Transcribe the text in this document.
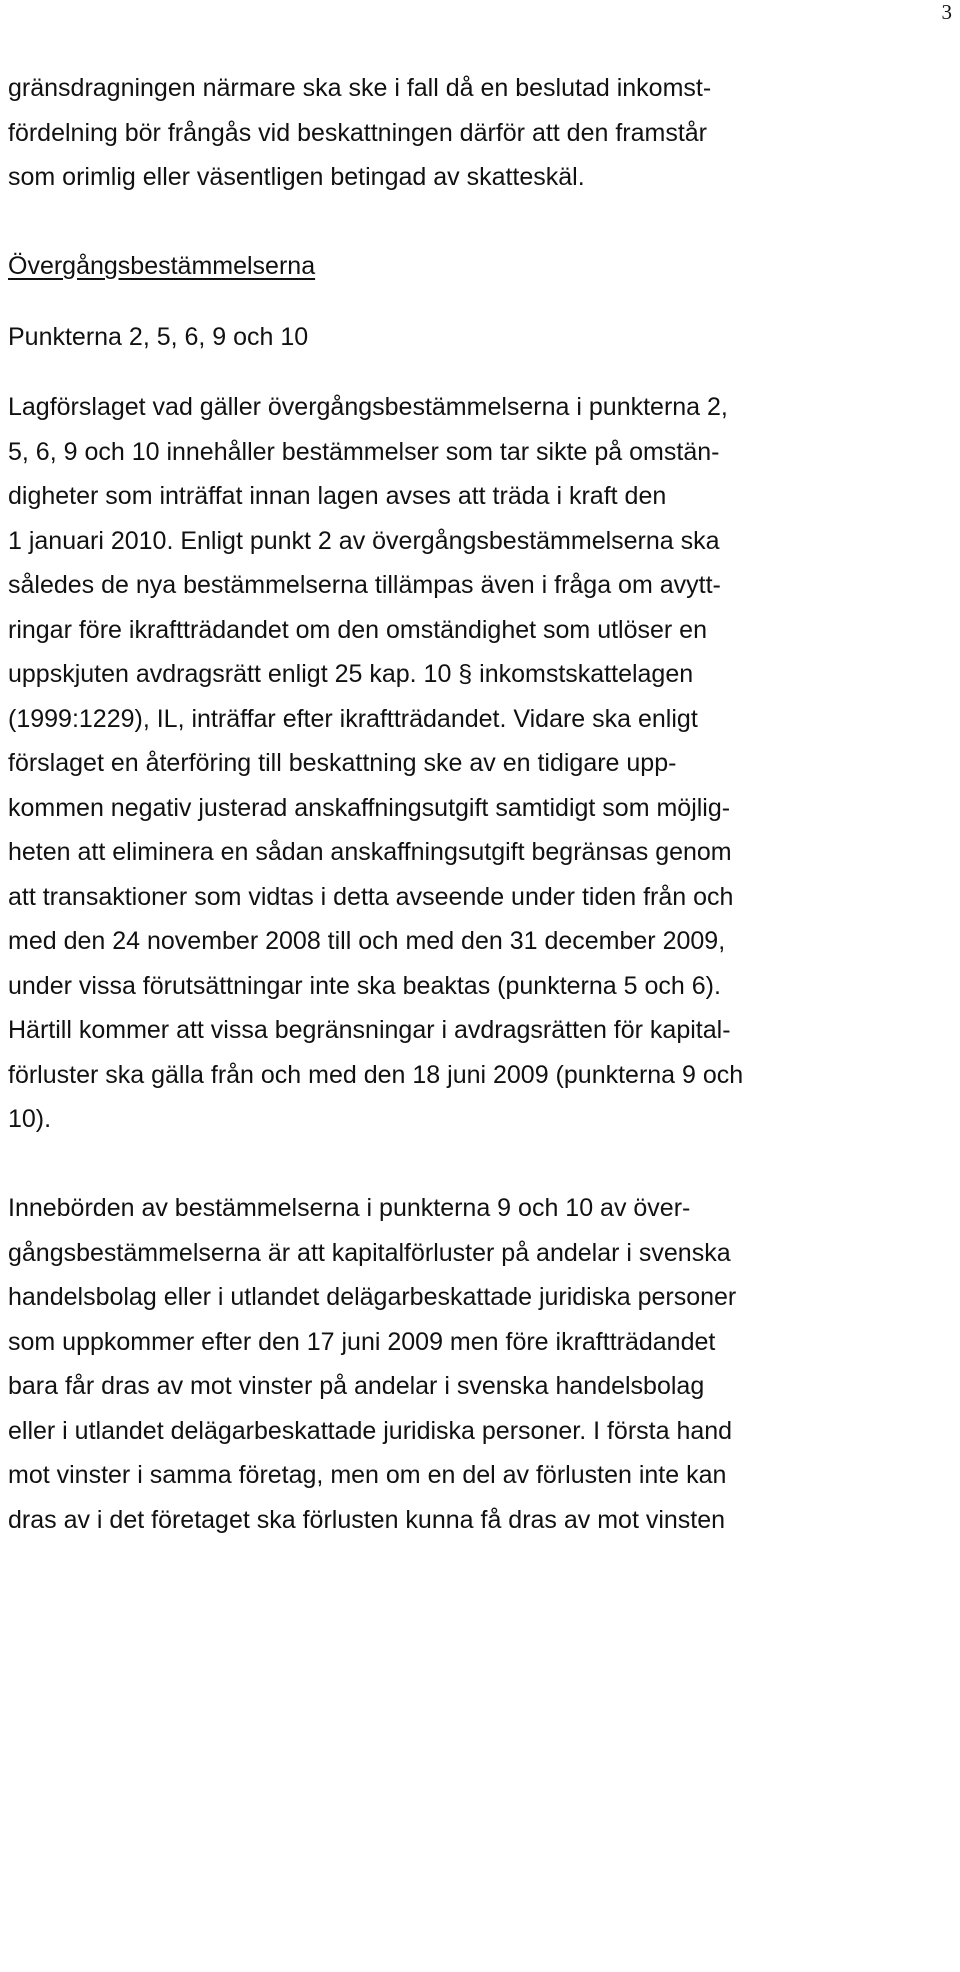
3
gränsdragningen närmare ska ske i fall då en beslutad inkomst-
fördelning bör frångås vid beskattningen därför att den framstår
som orimlig eller väsentligen betingad av skatteskäl.
Övergångsbestämmelserna
Punkterna 2, 5, 6, 9 och 10
Lagförslaget vad gäller övergångsbestämmelserna i punkterna 2,
5, 6, 9 och 10 innehåller bestämmelser som tar sikte på omstän-
digheter som inträffat innan lagen avses att träda i kraft den
1 januari 2010. Enligt punkt 2 av övergångsbestämmelserna ska
således de nya bestämmelserna tillämpas även i fråga om avytt-
ringar före ikraftträdandet om den omständighet som utlöser en
uppskjuten avdragsrätt enligt 25 kap. 10 § inkomstskattelagen
(1999:1229), IL, inträffar efter ikraftträdandet. Vidare ska enligt
förslaget en återföring till beskattning ske av en tidigare upp-
kommen negativ justerad anskaffningsutgift samtidigt som möjlig-
heten att eliminera en sådan anskaffningsutgift begränsas genom
att transaktioner som vidtas i detta avseende under tiden från och
med den 24 november 2008 till och med den 31 december 2009,
under vissa förutsättningar inte ska beaktas (punkterna 5 och 6).
Härtill kommer att vissa begränsningar i avdragsrätten för kapital-
förluster ska gälla från och med den 18 juni 2009 (punkterna 9 och
10).
Innebörden av bestämmelserna i punkterna 9 och 10 av över-
gångsbestämmelserna är att kapitalförluster på andelar i svenska
handelsbolag eller i utlandet delägarbeskattade juridiska personer
som uppkommer efter den 17 juni 2009 men före ikraftträdandet
bara får dras av mot vinster på andelar i svenska handelsbolag
eller i utlandet delägarbeskattade juridiska personer. I första hand
mot vinster i samma företag, men om en del av förlusten inte kan
dras av i det företaget ska förlusten kunna få dras av mot vinsten
